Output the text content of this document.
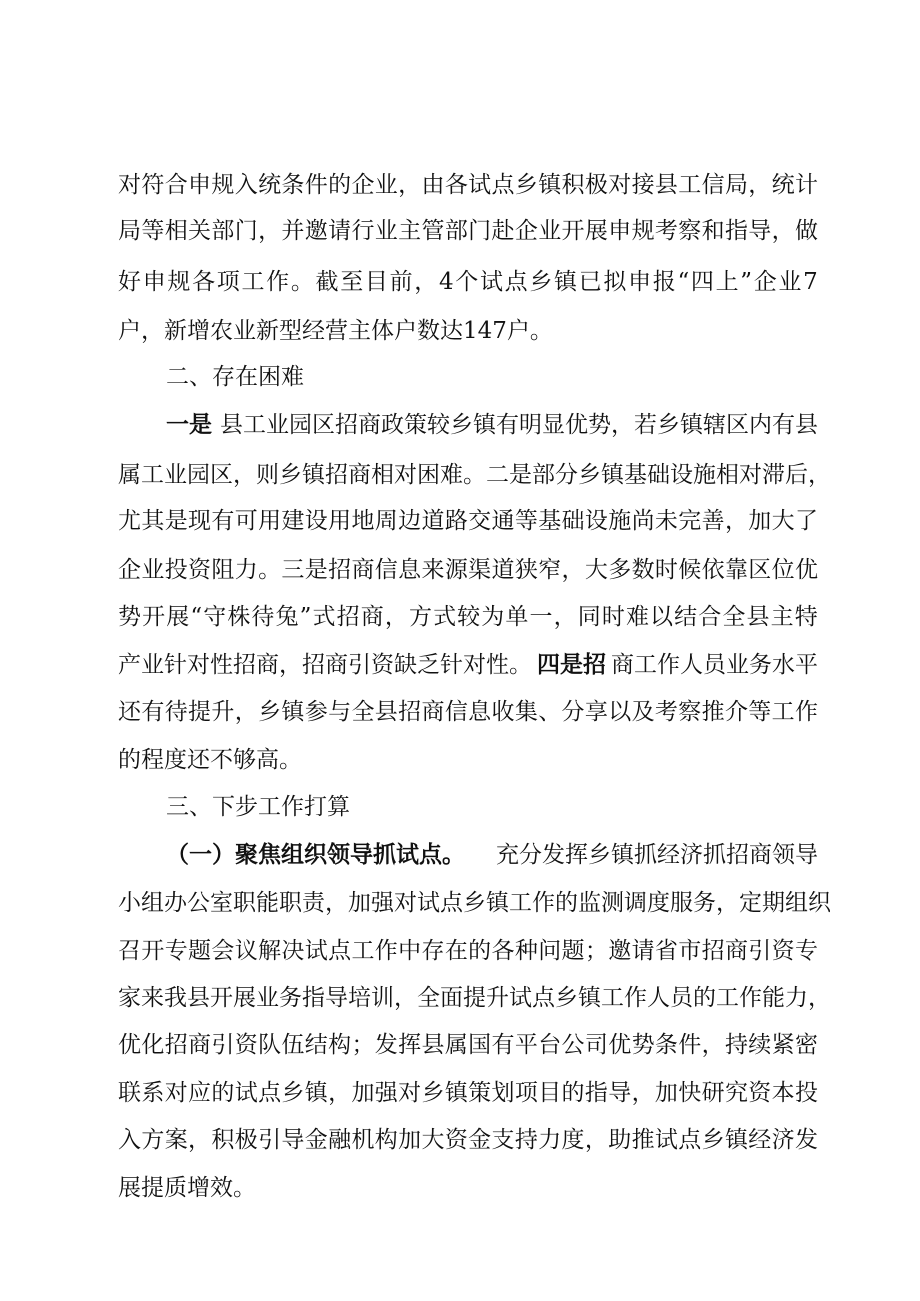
对 符 合 申 规 入 统 条 件 的 企 业 ， 由 各 试 点 乡 镇 积 极 对 接 县 工 信 局 ， 统 计
局 等 相 关 部 门 ， 并 邀 请 行 业 主 管 部 门 赴 企 业 开 展 申 规 考 察 和 指 导 ， 做
好 申 规 各 项 工 作 。 截 至 目 前 ， 4 个 试 点 乡 镇 已 拟 申 报 “ 四 上 ” 企 业 7
户，新增农业新型经营主体户数达147户。
二、存在困难
一是 县工业园区招商政策较乡镇有明显优势，若乡镇辖区内有县
属 工 业 园 区 ， 则 乡 镇 招 商 相 对 困 难 。 二 是 部 分 乡 镇 基 础 设 施 相 对 滞 后 ，
尤 其 是 现 有 可 用 建 设 用 地 周 边 道 路 交 通 等 基 础 设 施 尚 未 完 善 ， 加 大 了
企 业 投 资 阻 力 。 三 是 招 商 信 息 来 源 渠 道 狭 窄 ， 大 多 数 时 候 依 靠 区 位 优
势 开 展 “ 守 株 待 兔 ” 式 招 商 ， 方 式 较 为 单 一 ， 同 时 难 以 结 合 全 县 主 特
产业针对性招商，招商引资缺乏针对性。 四是招 商工作人员业务水平
还 有 待 提 升 ， 乡 镇 参 与 全 县 招 商 信 息 收 集 、 分 享 以 及 考 察 推 介 等 工 作
的程度还不够高。
三、下步工作打算
（一）聚焦组织领导抓试点。 充分发挥乡镇抓经济抓招商领导
小 组 办 公 室 职 能 职 责 ， 加 强 对 试 点 乡 镇 工 作 的 监 测 调 度 服 务 ， 定 期 组 织
召 开 专 题 会 议 解 决 试 点 工 作 中 存 在 的 各 种 问 题 ； 邀 请 省 市 招 商 引 资 专
家 来 我 县 开 展 业 务 指 导 培 训 ， 全 面 提 升 试 点 乡 镇 工 作 人 员 的 工 作 能 力 ，
优 化 招 商 引 资 队 伍 结 构 ； 发 挥 县 属 国 有 平 台 公 司 优 势 条 件 ， 持 续 紧 密
联 系 对 应 的 试 点 乡 镇 ， 加 强 对 乡 镇 策 划 项 目 的 指 导 ， 加 快 研 究 资 本 投
入 方 案 ， 积 极 引 导 金 融 机 构 加 大 资 金 支 持 力 度 ， 助 推 试 点 乡 镇 经 济 发
展提质增效。
